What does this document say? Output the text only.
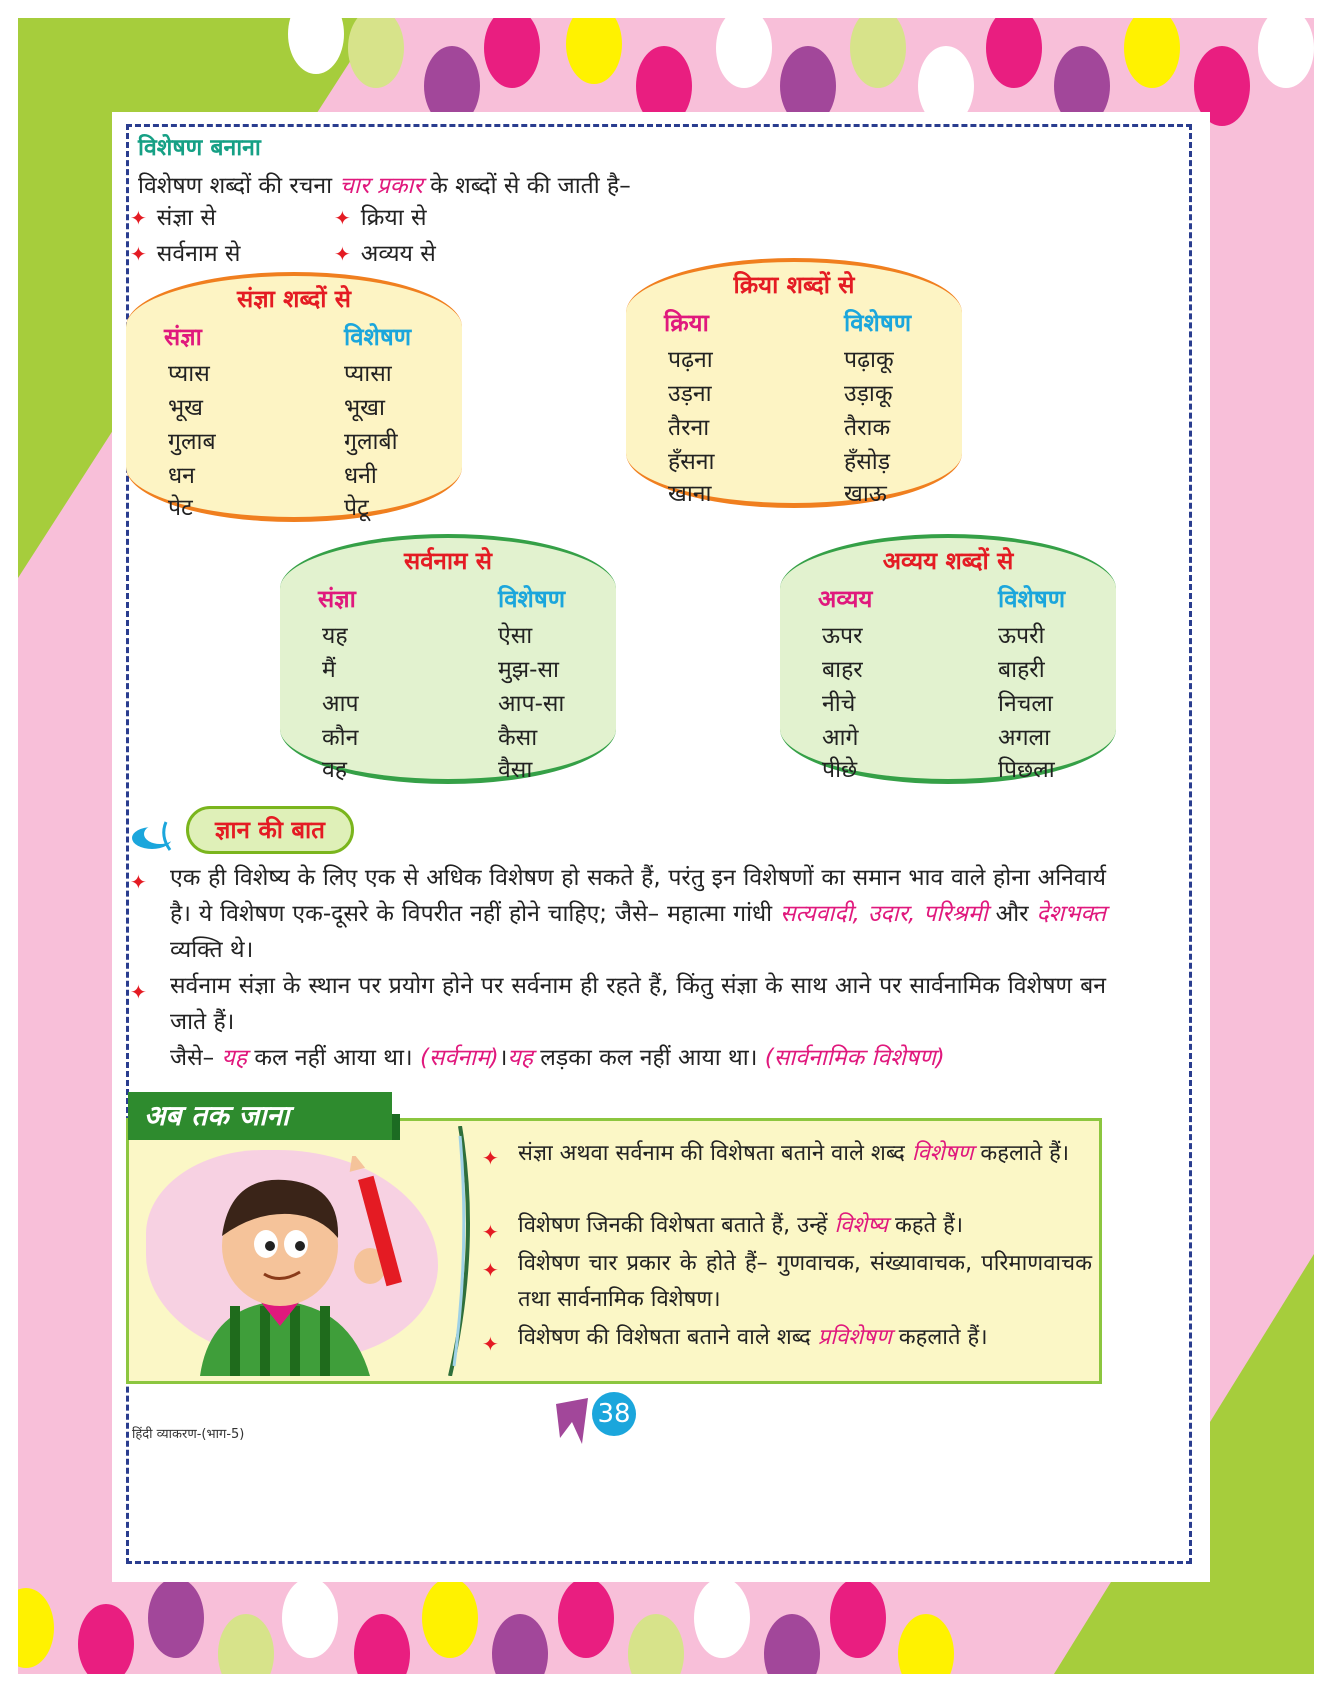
विशेषण बनाना
विशेषण शब्दों की रचना चार प्रकार के शब्दों से की जाती है–
✦ संज्ञा से	✦ क्रिया से
✦ सर्वनाम से	✦ अव्यय से
संज्ञा शब्दों से
संज्ञा	विशेषण
प्यास	प्यासा
भूख	भूखा
गुलाब	गुलाबी
धन	धनी
पेट	पेटू
क्रिया शब्दों से
क्रिया	विशेषण
पढ़ना	पढ़ाकू
उड़ना	उड़ाकू
तैरना	तैराक
हँसना	हँसोड़
खाना	खाऊ
सर्वनाम से
संज्ञा	विशेषण
यह	ऐसा
मैं	मुझ-सा
आप	आप-सा
कौन	कैसा
वह	वैसा
अव्यय शब्दों से
अव्यय	विशेषण
ऊपर	ऊपरी
बाहर	बाहरी
नीचे	निचला
आगे	अगला
पीछे	पिछला
ज्ञान की बात
✦ एक ही विशेष्य के लिए एक से अधिक विशेषण हो सकते हैं, परंतु इन विशेषणों का समान भाव वाले होना अनिवार्य है। ये विशेषण एक-दूसरे के विपरीत नहीं होने चाहिए; जैसे– महात्मा गांधी सत्यवादी, उदार, परिश्रमी और देशभक्त व्यक्ति थे।
✦ सर्वनाम संज्ञा के स्थान पर प्रयोग होने पर सर्वनाम ही रहते हैं, किंतु संज्ञा के साथ आने पर सार्वनामिक विशेषण बन जाते हैं।
जैसे– यह कल नहीं आया था। (सर्वनाम)।यह लड़का कल नहीं आया था। (सार्वनामिक विशेषण)
अब तक जाना
✦ संज्ञा अथवा सर्वनाम की विशेषता बताने वाले शब्द विशेषण कहलाते हैं।
✦ विशेषण जिनकी विशेषता बताते हैं, उन्हें विशेष्य कहते हैं।
✦ विशेषण चार प्रकार के होते हैं– गुणवाचक, संख्यावाचक, परिमाणवाचक तथा सार्वनामिक विशेषण।
✦ विशेषण की विशेषता बताने वाले शब्द प्रविशेषण कहलाते हैं।
38
हिंदी व्याकरण-(भाग-5)
